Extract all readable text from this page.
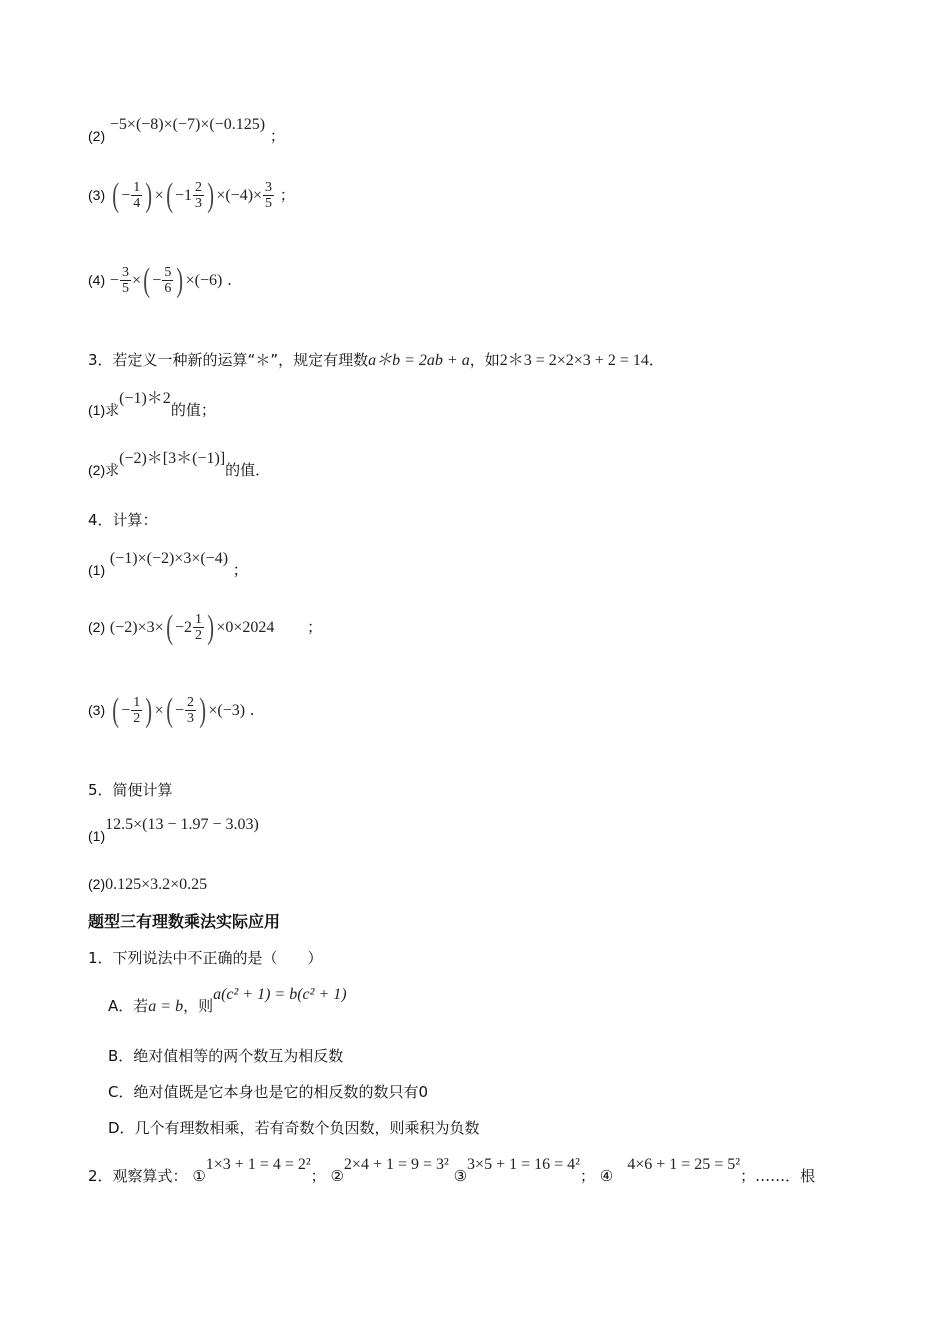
(2) −5×(−8)×(−7)×(−0.125) ；
(3) ( − $\frac{1}{4}$ ) ×( $-1 \frac{2}{3}$ ) $\times(-4)\times \frac{3}{5}$ ；
$(4) - \frac{3}{5}$ ×( − $\frac{5}{6}$ ) ×(−6) .
3．若定义一种新的运算“＊”，规定有理数a＊b = 2ab + a，如2＊3 = 2×2×3 + 2 = 14．
(1)求(−1)＊2的值；
(2)求(−2)＊[3＊(−1)]的值．
4．计算：
(1) (−1)×(−2)×3×(−4) ；
(2) $(-2)\times 3\times( -2 \frac{1}{2}$ ) ×0×2024 ；
(3) ( − $\frac{1}{2}$ ) ×( − $\frac{2}{3}$ ) ×(−3) .
5．简便计算
(1)12.5×(13 − 1.97 − 3.03)
(2)0.125×3.2×0.25
题型三有理数乘法实际应用
1．下列说法中不正确的是（　　）
A．若a = b，则a(c² + 1) = b(c² + 1)
B．绝对值相等的两个数互为相反数
C．绝对值既是它本身也是它的相反数的数只有0
D．几个有理数相乘，若有奇数个负因数，则乘积为负数
2．观察算式： ①1×3 + 1 = 4 = 2²； ②2×4 + 1 = 9 = 3² ③3×5 + 1 = 16 = 4²； ④4×6 + 1 = 25 = 5²；……．根
